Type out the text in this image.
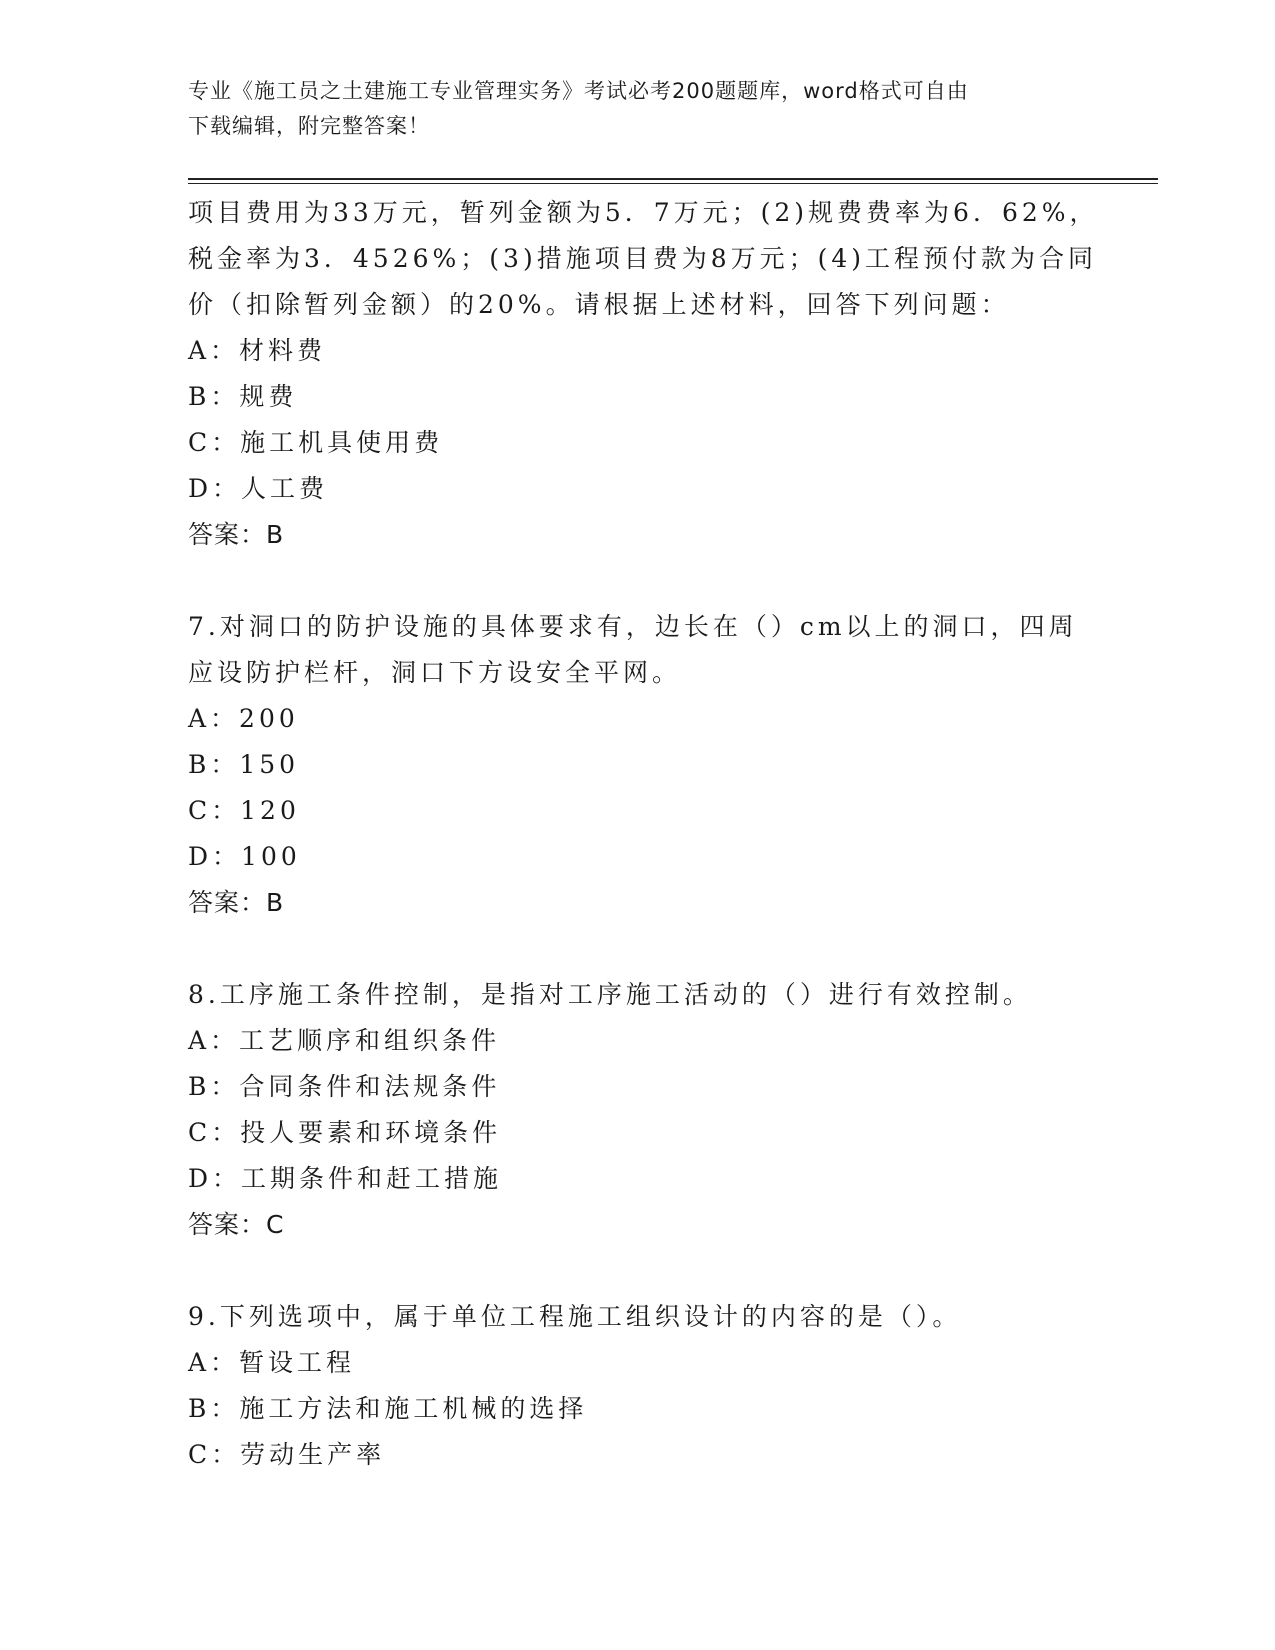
专业《施工员之土建施工专业管理实务》考试必考200题题库，word格式可自由
下载编辑，附完整答案！
项目费用为33万元，暂列金额为5．7万元；(2)规费费率为6．62%，
税金率为3．4526%；(3)措施项目费为8万元；(4)工程预付款为合同
价（扣除暂列金额）的20%。请根据上述材料，回答下列问题：
A：材料费
B：规费
C：施工机具使用费
D：人工费
答案：B
7.对洞口的防护设施的具体要求有，边长在（）cm以上的洞口，四周
应设防护栏杆，洞口下方设安全平网。
A：200
B：150
C：120
D：100
答案：B
8.工序施工条件控制，是指对工序施工活动的（）进行有效控制。
A：工艺顺序和组织条件
B：合同条件和法规条件
C：投人要素和环境条件
D：工期条件和赶工措施
答案：C
9.下列选项中，属于单位工程施工组织设计的内容的是（）。
A：暂设工程
B：施工方法和施工机械的选择
C：劳动生产率
